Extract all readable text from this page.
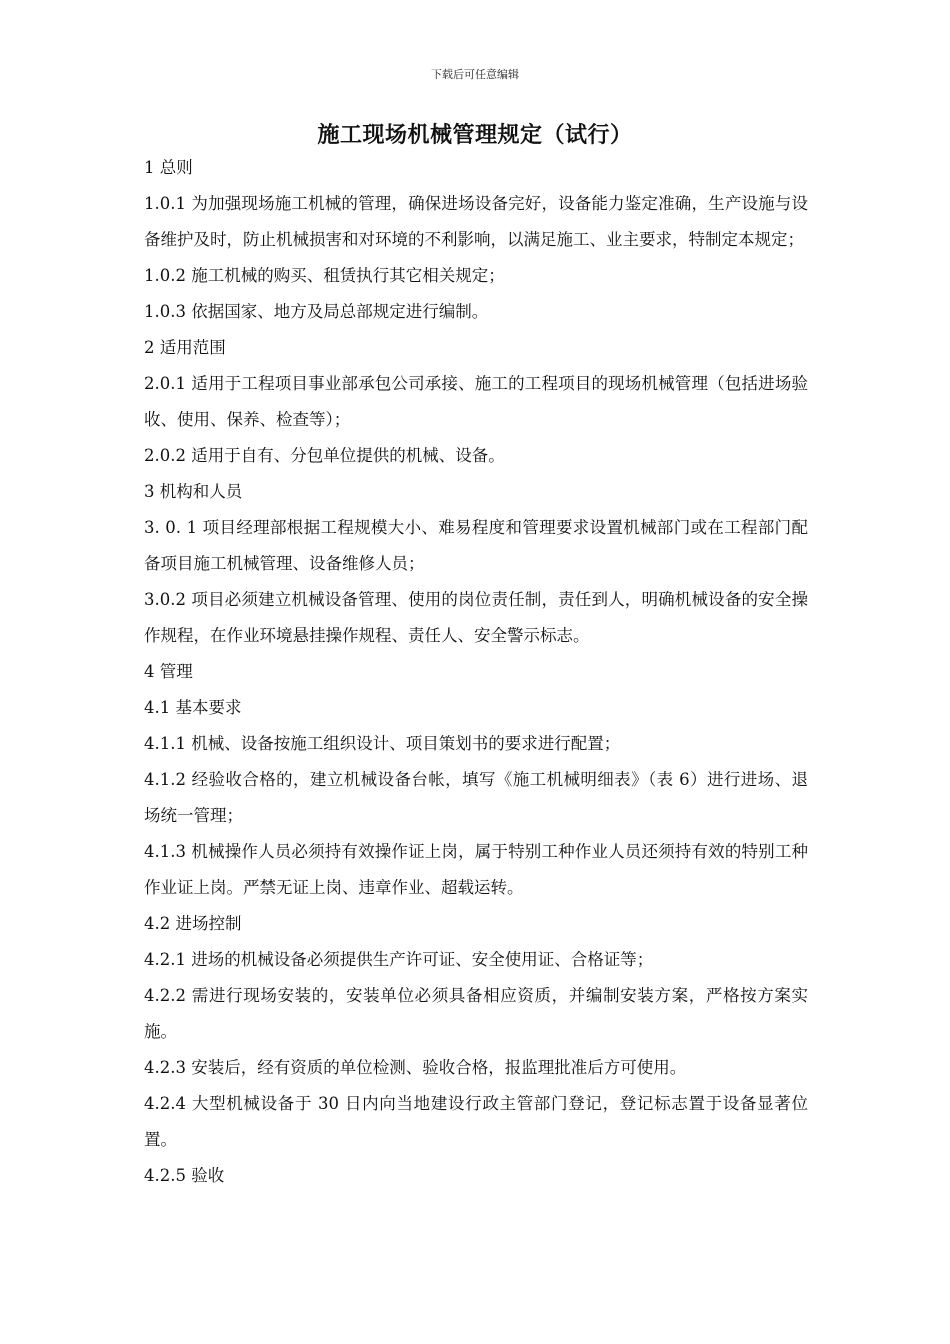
下载后可任意编辑
施工现场机械管理规定（试行）

1 总则

1.0.1 为加强现场施工机械的管理，确保进场设备完好，设备能力鉴定准确，生产设施与设备维护及时，防止机械损害和对环境的不利影响，以满足施工、业主要求，特制定本规定；

1.0.2 施工机械的购买、租赁执行其它相关规定；

1.0.3 依据国家、地方及局总部规定进行编制。

2 适用范围

2.0.1 适用于工程项目事业部承包公司承接、施工的工程项目的现场机械管理（包括进场验收、使用、保养、检查等）；

2.0.2 适用于自有、分包单位提供的机械、设备。

3 机构和人员

3. 0. 1 项目经理部根据工程规模大小、难易程度和管理要求设置机械部门或在工程部门配备项目施工机械管理、设备维修人员；

3.0.2 项目必须建立机械设备管理、使用的岗位责任制，责任到人，明确机械设备的安全操作规程，在作业环境悬挂操作规程、责任人、安全警示标志。

4 管理

4.1 基本要求

4.1.1 机械、设备按施工组织设计、项目策划书的要求进行配置；

4.1.2 经验收合格的，建立机械设备台帐，填写《施工机械明细表》（表 6）进行进场、退场统一管理；

4.1.3 机械操作人员必须持有效操作证上岗，属于特别工种作业人员还须持有效的特别工种作业证上岗。严禁无证上岗、违章作业、超载运转。

4.2 进场控制

4.2.1 进场的机械设备必须提供生产许可证、安全使用证、合格证等；

4.2.2 需进行现场安装的，安装单位必须具备相应资质，并编制安装方案，严格按方案实施。

4.2.3 安装后，经有资质的单位检测、验收合格，报监理批准后方可使用。

4.2.4 大型机械设备于 30 日内向当地建设行政主管部门登记，登记标志置于设备显著位置。

4.2.5 验收
